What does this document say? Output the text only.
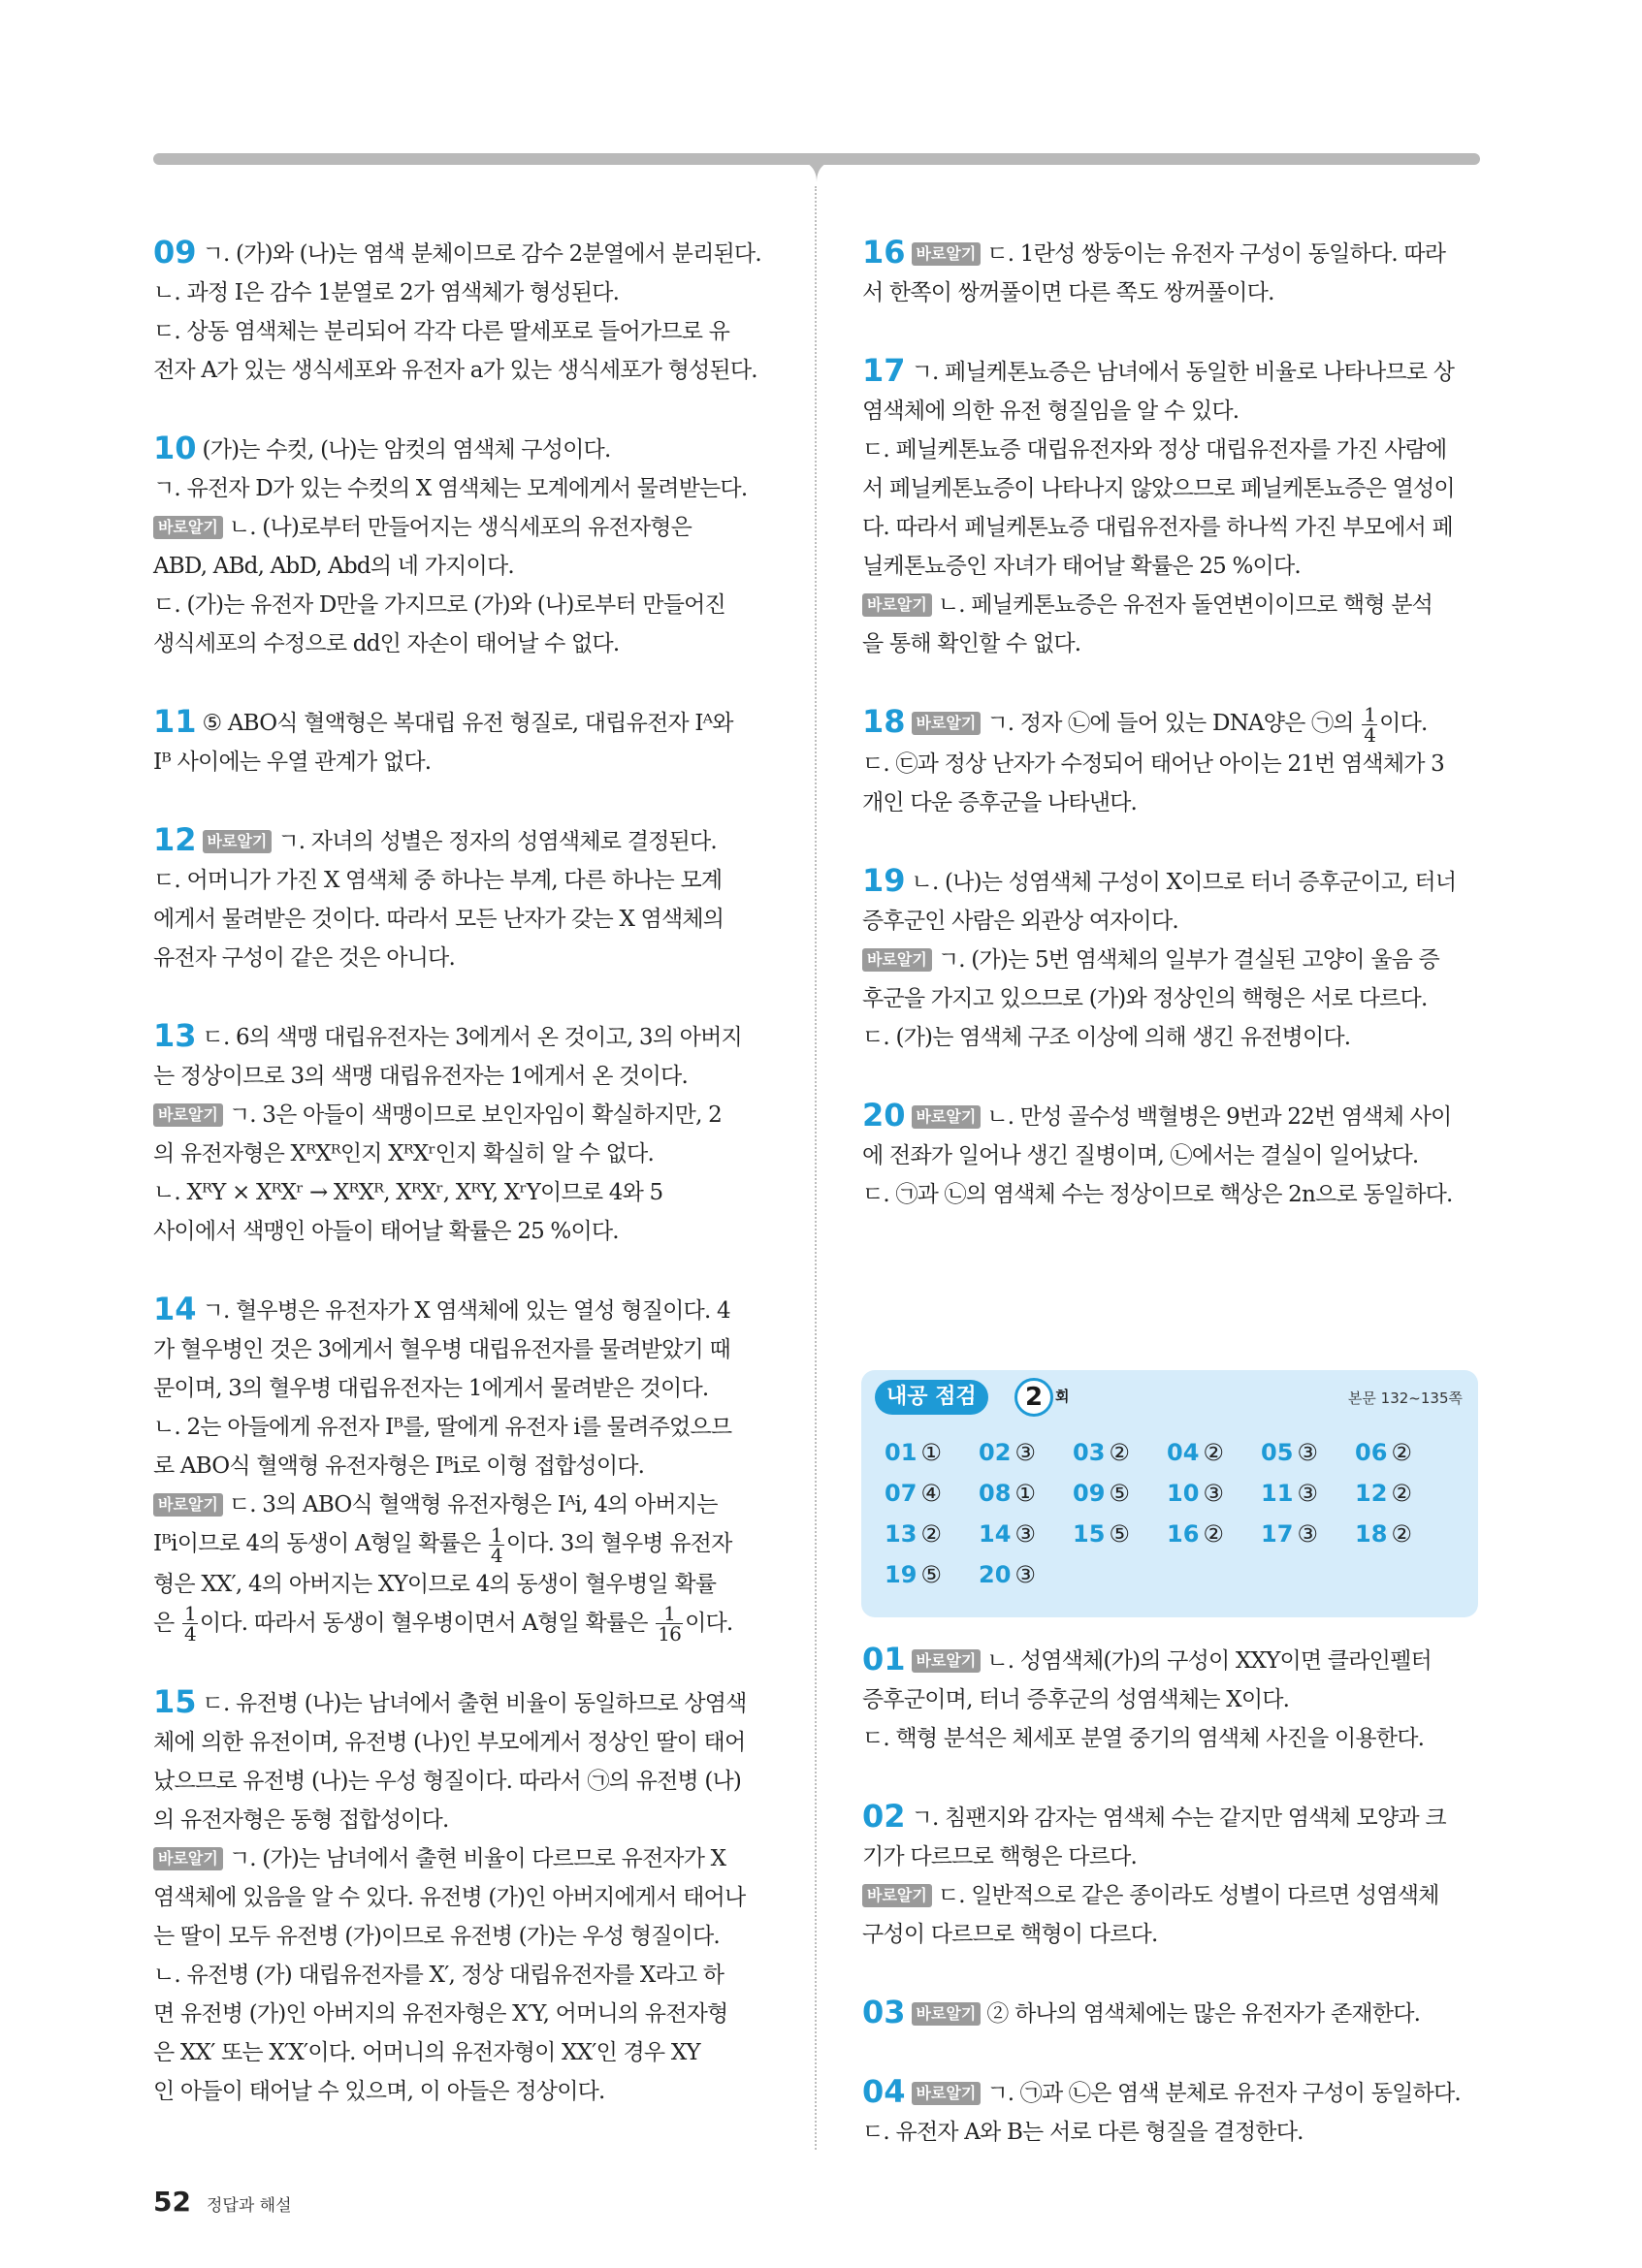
09 ㄱ. (가)와 (나)는 염색 분체이므로 감수 2분열에서 분리된다.

ㄴ. 과정 Ⅰ은 감수 1분열로 2가 염색체가 형성된다.

ㄷ. 상동 염색체는 분리되어 각각 다른 딸세포로 들어가므로 유

전자 A가 있는 생식세포와 유전자 a가 있는 생식세포가 형성된다.

10 (가)는 수컷, (나)는 암컷의 염색체 구성이다.

ㄱ. 유전자 D가 있는 수컷의 X 염색체는 모계에게서 물려받는다.

바로알기 ㄴ. (나)로부터 만들어지는 생식세포의 유전자형은

ABD, ABd, AbD, Abd의 네 가지이다.

ㄷ. (가)는 유전자 D만을 가지므로 (가)와 (나)로부터 만들어진

생식세포의 수정으로 dd인 자손이 태어날 수 없다.

11 ⑤ ABO식 혈액형은 복대립 유전 형질로, 대립유전자 Iᴬ와

Iᴮ 사이에는 우열 관계가 없다.

12 바로알기 ㄱ. 자녀의 성별은 정자의 성염색체로 결정된다.

ㄷ. 어머니가 가진 X 염색체 중 하나는 부계, 다른 하나는 모계

에게서 물려받은 것이다. 따라서 모든 난자가 갖는 X 염색체의

유전자 구성이 같은 것은 아니다.

13 ㄷ. 6의 색맹 대립유전자는 3에게서 온 것이고, 3의 아버지

는 정상이므로 3의 색맹 대립유전자는 1에게서 온 것이다.

바로알기 ㄱ. 3은 아들이 색맹이므로 보인자임이 확실하지만, 2

의 유전자형은 XᴿXᴿ인지 XᴿXʳ인지 확실히 알 수 없다.

ㄴ. XᴿY × XᴿXʳ → XᴿXᴿ, XᴿXʳ, XᴿY, XʳY이므로 4와 5

사이에서 색맹인 아들이 태어날 확률은 25 %이다.

14 ㄱ. 혈우병은 유전자가 X 염색체에 있는 열성 형질이다. 4

가 혈우병인 것은 3에게서 혈우병 대립유전자를 물려받았기 때

문이며, 3의 혈우병 대립유전자는 1에게서 물려받은 것이다.

ㄴ. 2는 아들에게 유전자 Iᴮ를, 딸에게 유전자 i를 물려주었으므

로 ABO식 혈액형 유전자형은 Iᴮi로 이형 접합성이다.

바로알기 ㄷ. 3의 ABO식 혈액형 유전자형은 Iᴬi, 4의 아버지는

Iᴮi이므로 4의 동생이 A형일 확률은 $\frac{1}{4}$ 이다. 3의 혈우병 유전자

형은 XX′, 4의 아버지는 XY이므로 4의 동생이 혈우병일 확률

은 $\frac{1}{4}$ 이다. 따라서 동생이 혈우병이면서 A형일 확률은 $\frac{1}{16}$ 이다.

15 ㄷ. 유전병 (나)는 남녀에서 출현 비율이 동일하므로 상염색

체에 의한 유전이며, 유전병 (나)인 부모에게서 정상인 딸이 태어

났으므로 유전병 (나)는 우성 형질이다. 따라서 ㉠의 유전병 (나)

의 유전자형은 동형 접합성이다.

바로알기 ㄱ. (가)는 남녀에서 출현 비율이 다르므로 유전자가 X

염색체에 있음을 알 수 있다. 유전병 (가)인 아버지에게서 태어나

는 딸이 모두 유전병 (가)이므로 유전병 (가)는 우성 형질이다.

ㄴ. 유전병 (가) 대립유전자를 X′, 정상 대립유전자를 X라고 하

면 유전병 (가)인 아버지의 유전자형은 X′Y, 어머니의 유전자형

은 XX′ 또는 X′X′이다. 어머니의 유전자형이 XX′인 경우 XY

인 아들이 태어날 수 있으며, 이 아들은 정상이다.

16 바로알기 ㄷ. 1란성 쌍둥이는 유전자 구성이 동일하다. 따라

서 한쪽이 쌍꺼풀이면 다른 쪽도 쌍꺼풀이다.

17 ㄱ. 페닐케톤뇨증은 남녀에서 동일한 비율로 나타나므로 상

염색체에 의한 유전 형질임을 알 수 있다.

ㄷ. 페닐케톤뇨증 대립유전자와 정상 대립유전자를 가진 사람에

서 페닐케톤뇨증이 나타나지 않았으므로 페닐케톤뇨증은 열성이

다. 따라서 페닐케톤뇨증 대립유전자를 하나씩 가진 부모에서 페

닐케톤뇨증인 자녀가 태어날 확률은 25 %이다.

바로알기 ㄴ. 페닐케톤뇨증은 유전자 돌연변이이므로 핵형 분석

을 통해 확인할 수 없다.

18 바로알기 ㄱ. 정자 ㉡에 들어 있는 DNA양은 ㉠의 $\frac{1}{4}$ 이다.

ㄷ. ㉢과 정상 난자가 수정되어 태어난 아이는 21번 염색체가 3

개인 다운 증후군을 나타낸다.

19 ㄴ. (나)는 성염색체 구성이 X이므로 터너 증후군이고, 터너

증후군인 사람은 외관상 여자이다.

바로알기 ㄱ. (가)는 5번 염색체의 일부가 결실된 고양이 울음 증

후군을 가지고 있으므로 (가)와 정상인의 핵형은 서로 다르다.

ㄷ. (가)는 염색체 구조 이상에 의해 생긴 유전병이다.

20 바로알기 ㄴ. 만성 골수성 백혈병은 9번과 22번 염색체 사이

에 전좌가 일어나 생긴 질병이며, ㉡에서는 결실이 일어났다.

ㄷ. ㉠과 ㉡의 염색체 수는 정상이므로 핵상은 2n으로 동일하다.

내공 점검	2 회	본문 132~135쪽
01 ① 02 ③ 03 ② 04 ② 05 ③ 06 ②
07 ④ 08 ① 09 ⑤ 10 ③ 11 ③ 12 ②
13 ② 14 ③ 15 ⑤ 16 ② 17 ③ 18 ②
19 ⑤ 20 ③

01 바로알기 ㄴ. 성염색체(가)의 구성이 XXY이면 클라인펠터

증후군이며, 터너 증후군의 성염색체는 X이다.

ㄷ. 핵형 분석은 체세포 분열 중기의 염색체 사진을 이용한다.

02 ㄱ. 침팬지와 감자는 염색체 수는 같지만 염색체 모양과 크

기가 다르므로 핵형은 다르다.

바로알기 ㄷ. 일반적으로 같은 종이라도 성별이 다르면 성염색체

구성이 다르므로 핵형이 다르다.

03 바로알기 ② 하나의 염색체에는 많은 유전자가 존재한다.

04 바로알기 ㄱ. ㉠과 ㉡은 염색 분체로 유전자 구성이 동일하다.

ㄷ. 유전자 A와 B는 서로 다른 형질을 결정한다.

52 정답과 해설
